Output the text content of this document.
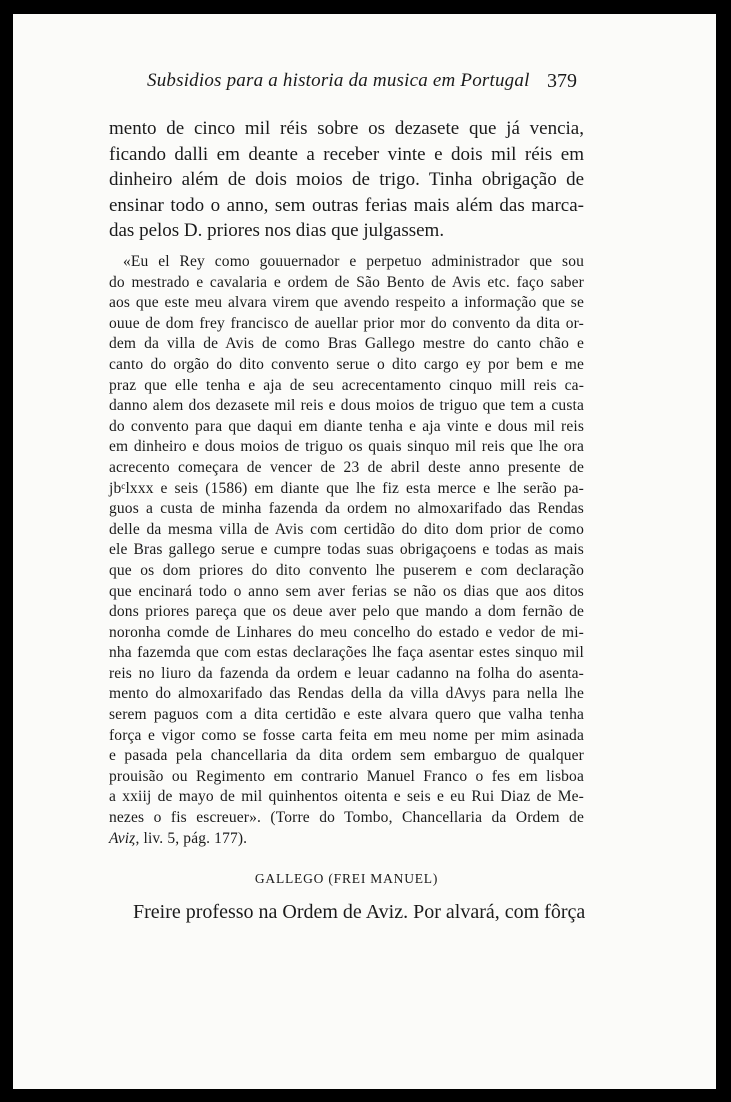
Subsidios para a historia da musica em Portugal 379
mento de cinco mil réis sobre os dezasete que já vencia,
ficando dalli em deante a receber vinte e dois mil réis em
dinheiro além de dois moios de trigo. Tinha obrigação de
ensinar todo o anno, sem outras ferias mais além das marca-
das pelos D. priores nos dias que julgassem.
«Eu el Rey como gouuernador e perpetuo administrador que sou
do mestrado e cavalaria e ordem de São Bento de Avis etc. faço saber
aos que este meu alvara virem que avendo respeito a informação que se
ouue de dom frey francisco de auellar prior mor do convento da dita or-
dem da villa de Avis de como Bras Gallego mestre do canto chão e
canto do orgão do dito convento serue o dito cargo ey por bem e me
praz que elle tenha e aja de seu acrecentamento cinquo mill reis ca-
danno alem dos dezasete mil reis e dous moios de triguo que tem a custa
do convento para que daqui em diante tenha e aja vinte e dous mil reis
em dinheiro e dous moios de triguo os quais sinquo mil reis que lhe ora
acrecento começara de vencer de 23 de abril deste anno presente de
jbᶜlxxx e seis (1586) em diante que lhe fiz esta merce e lhe serão pa-
guos a custa de minha fazenda da ordem no almoxarifado das Rendas
delle da mesma villa de Avis com certidão do dito dom prior de como
ele Bras gallego serue e cumpre todas suas obrigaçoens e todas as mais
que os dom priores do dito convento lhe puserem e com declaração
que encinará todo o anno sem aver ferias se não os dias que aos ditos
dons priores pareça que os deue aver pelo que mando a dom fernão de
noronha comde de Linhares do meu concelho do estado e vedor de mi-
nha fazemda que com estas declarações lhe faça asentar estes sinquo mil
reis no liuro da fazenda da ordem e leuar cadanno na folha do asenta-
mento do almoxarifado das Rendas della da villa dAvys para nella lhe
serem paguos com a dita certidão e este alvara quero que valha tenha
força e vigor como se fosse carta feita em meu nome per mim asinada
e pasada pela chancellaria da dita ordem sem embarguo de qualquer
prouisão ou Regimento em contrario Manuel Franco o fes em lisboa
a xxiij de mayo de mil quinhentos oitenta e seis e eu Rui Diaz de Me-
nezes o fis escreuer». (Torre do Tombo, Chancellaria da Ordem de
Aviȥ, liv. 5, pág. 177).
GALLEGO (FREI MANUEL)
Freire professo na Ordem de Aviz. Por alvará, com fôrça
